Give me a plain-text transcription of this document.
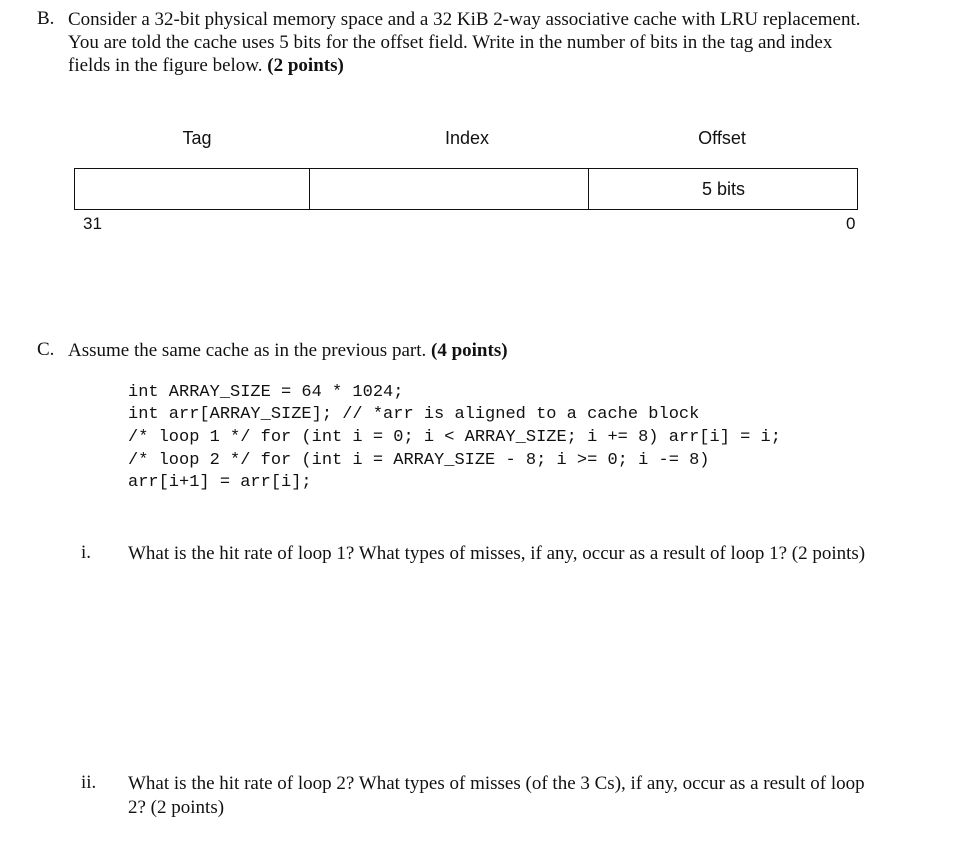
B. Consider a 32-bit physical memory space and a 32 KiB 2-way associative cache with LRU replacement.
You are told the cache uses 5 bits for the offset field. Write in the number of bits in the tag and index
fields in the figure below. (2 points)
Tag	Index	Offset
5 bits
31	0
C. Assume the same cache as in the previous part. (4 points)
int ARRAY_SIZE = 64 * 1024;
int arr[ARRAY_SIZE]; // *arr is aligned to a cache block
/* loop 1 */ for (int i = 0; i < ARRAY_SIZE; i += 8) arr[i] = i;
/* loop 2 */ for (int i = ARRAY_SIZE - 8; i >= 0; i -= 8)
arr[i+1] = arr[i];
i. What is the hit rate of loop 1? What types of misses, if any, occur as a result of loop 1? (2 points)
ii. What is the hit rate of loop 2? What types of misses (of the 3 Cs), if any, occur as a result of loop
2? (2 points)
